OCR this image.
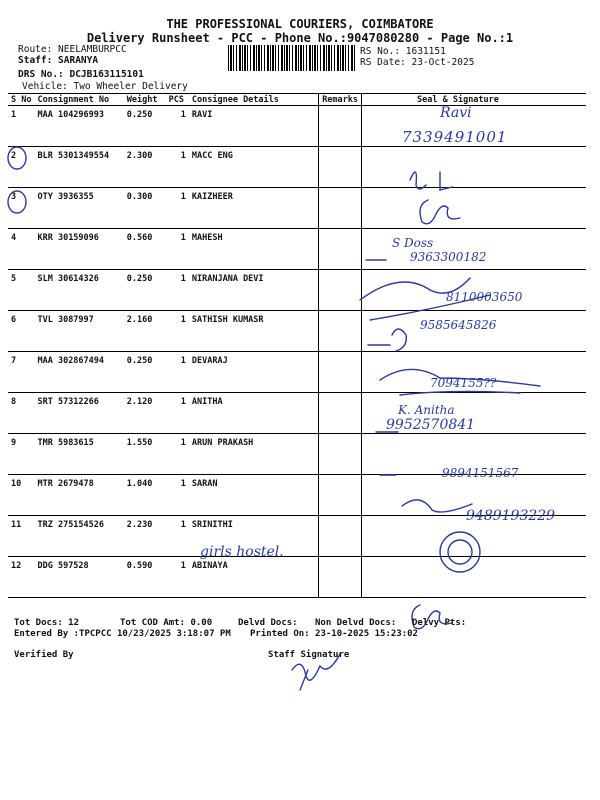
THE PROFESSIONAL COURIERS, COIMBATORE
Delivery Runsheet - PCC - Phone No.:9047080280 - Page No.:1
Route: NEELAMBURPCC
Staff: SARANYA
DRS No.: DCJB163115101
Vehicle: Two Wheeler Delivery
RS No.: 1631151
RS Date: 23-Oct-2025
S No	Consignment No	Weight	PCS	Consignee Details	Remarks	Seal & Signature
1	MAA 104296993	0.250	1	RAVI		
2	BLR 5301349554	2.300	1	MACC ENG		
3	OTY 3936355	0.300	1	KAIZHEER		
4	KRR 30159096	0.560	1	MAHESH		
5	SLM 30614326	0.250	1	NIRANJANA DEVI		
6	TVL 3087997	2.160	1	SATHISH KUMASR		
7	MAA 302867494	0.250	1	DEVARAJ		
8	SRT 57312266	2.120	1	ANITHA		
9	TMR 5983615	1.550	1	ARUN PRAKASH		
10	MTR 2679478	1.040	1	SARAN		
11	TRZ 275154526	2.230	1	SRINITHI		
12	DDG 597528	0.590	1	ABINAYA		
Ravi
7339491001
S Doss
9363300182
8110003650
9585645826
7094155??
K. Anitha
9952570841
9894151567
9489193229
girls hostel.
Tot Docs: 12	Tot COD Amt: 0.00	Delvd Docs: Non Delvd Docs: Delvy Pts:
Entered By :TPCPCC 10/23/2025 3:18:07 PM Printed On: 23-10-2025 15:23:02
Verified By	Staff Signature
